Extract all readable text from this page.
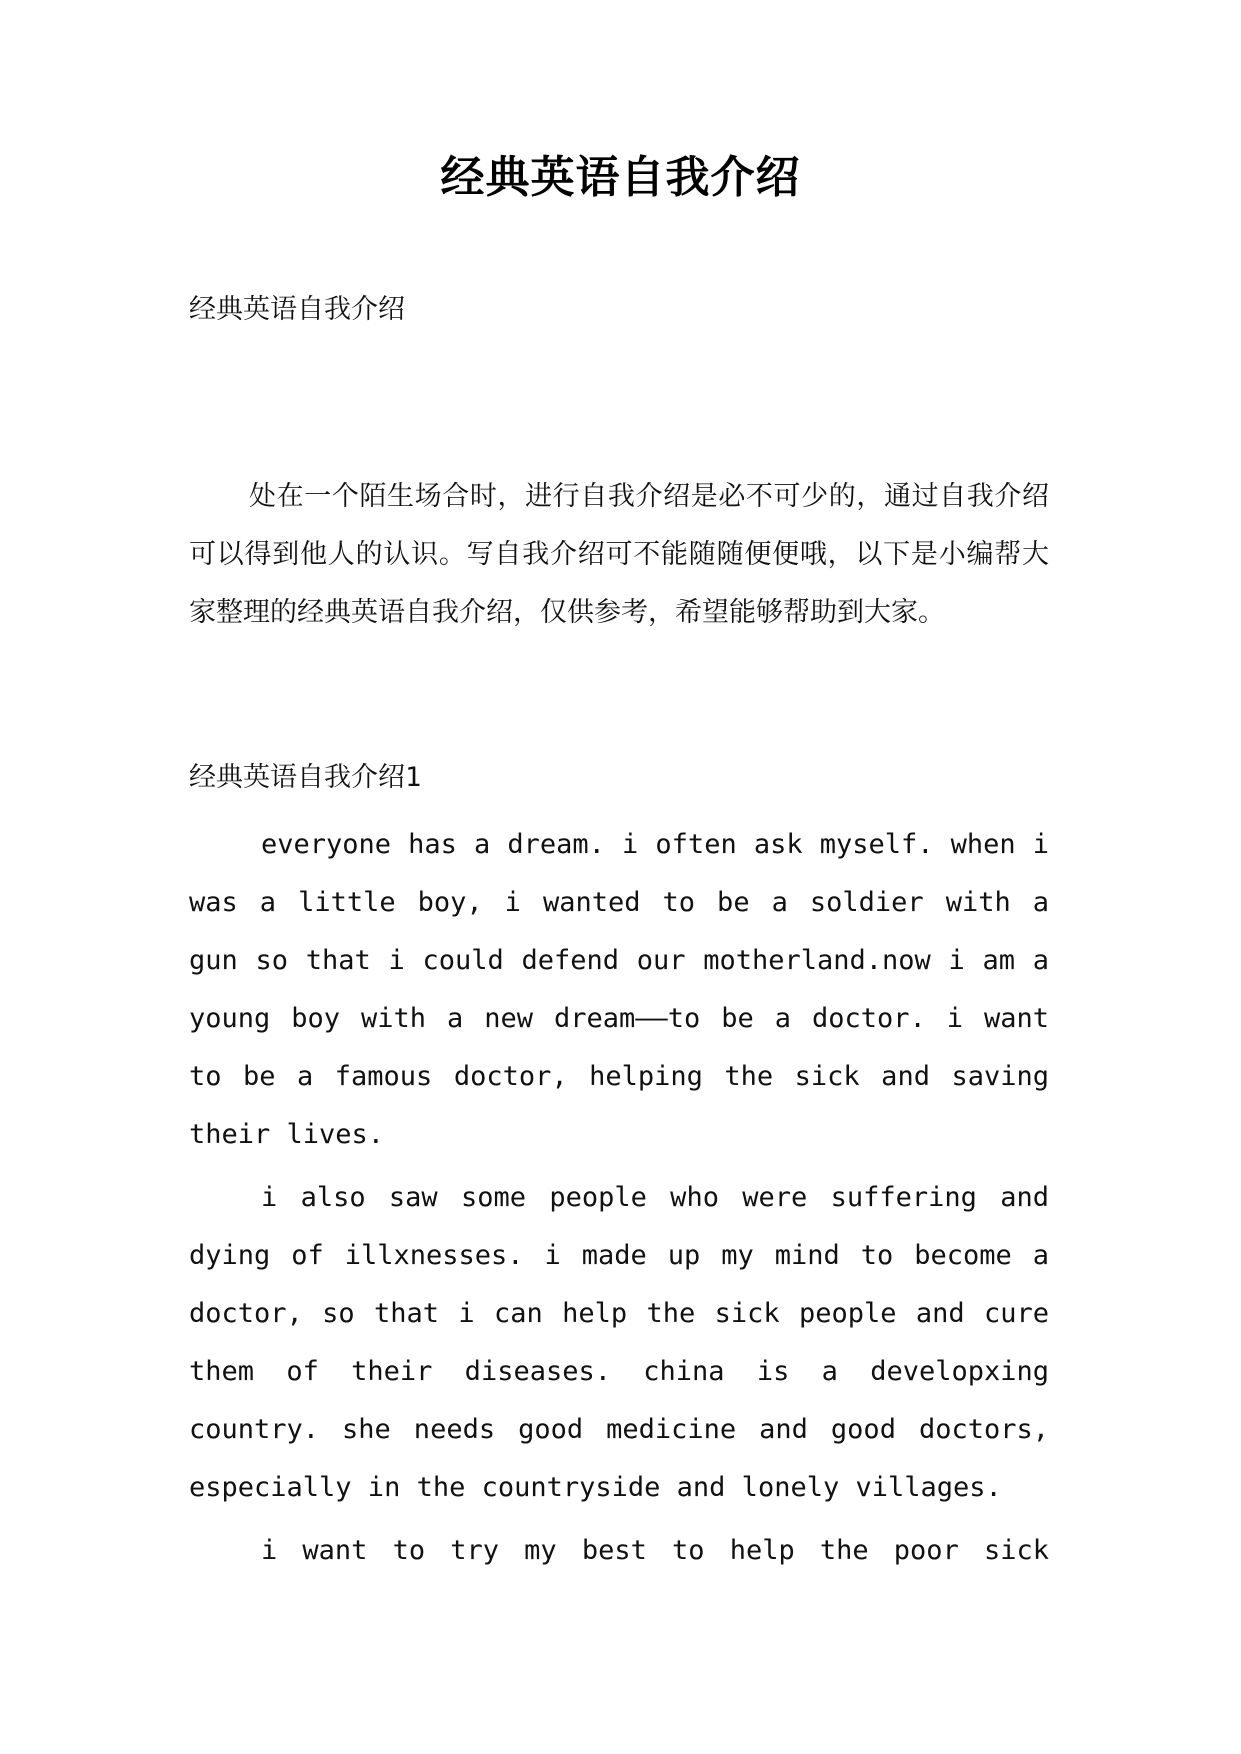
经典英语自我介绍
经典英语自我介绍
处在一个陌生场合时，进行自我介绍是必不可少的，通过自我介绍可以得到他人的认识。写自我介绍可不能随随便便哦，以下是小编帮大家整理的经典英语自我介绍，仅供参考，希望能够帮助到大家。
经典英语自我介绍1
everyone has a dream. i often ask myself. when i was a little boy, i wanted to be a soldier with a gun so that i could defend our motherland.now i am a young boy with a new dream——to be a doctor. i want to be a famous doctor, helping the sick and saving their lives.
i also saw some people who were suffering and dying of illxnesses. i made up my mind to become a doctor, so that i can help the sick people and cure them of their diseases. china is a developxing country. she needs good medicine and good doctors, especially in the countryside and lonely villages.
i want to try my best to help the poor sick
